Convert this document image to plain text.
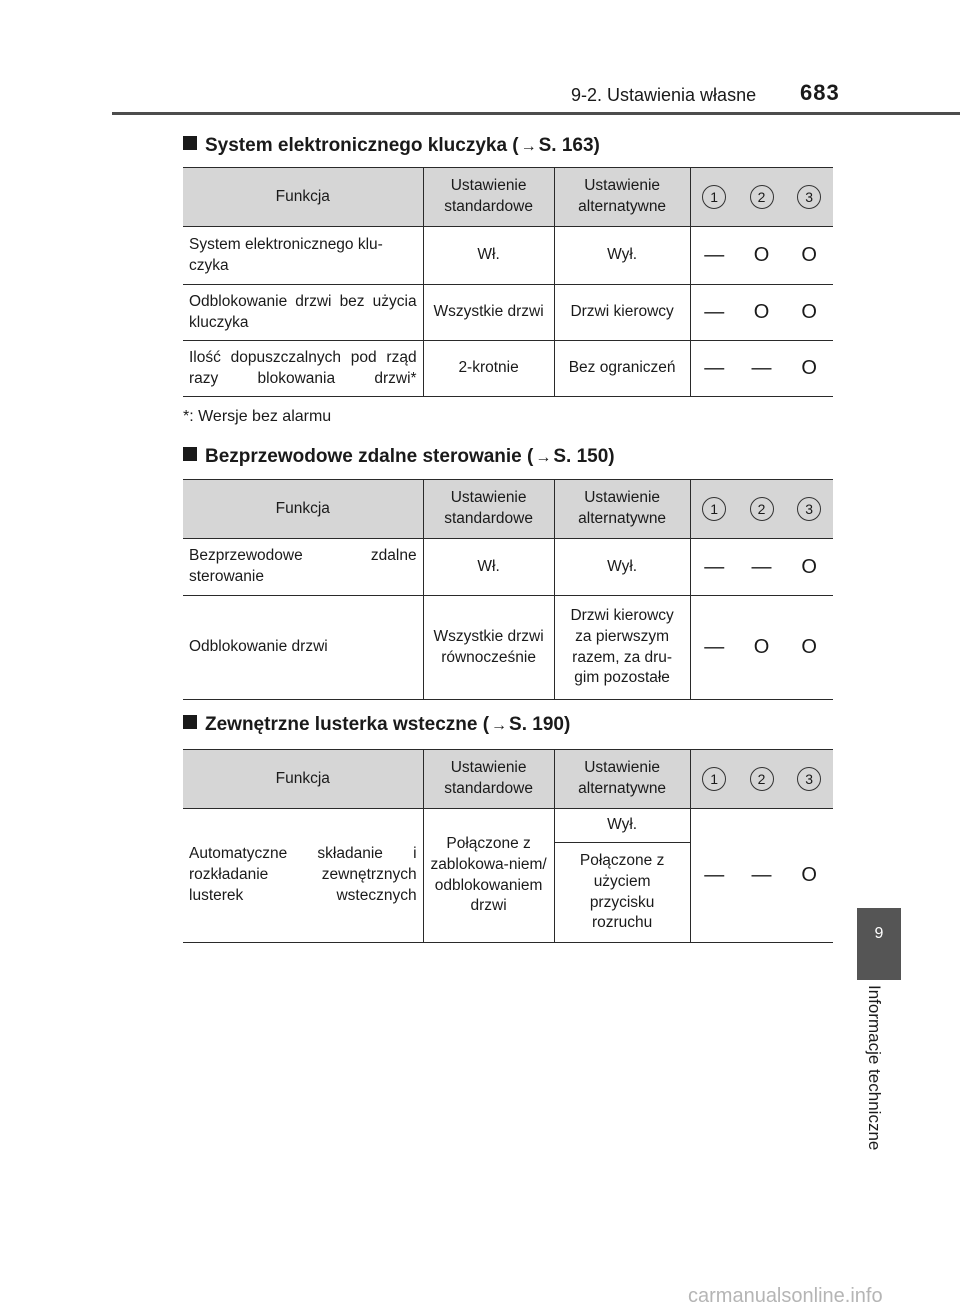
9-2. Ustawienia własne 683
System elektronicznego kluczyka ( → S. 163)
Funkcja	Ustawienie standardowe	Ustawienie alternatywne	1	2	3
System elektronicznego klu-czyka	Wł.	Wył.	—	O	O
Odblokowanie drzwi bez użycia kluczyka	Wszystkie drzwi	Drzwi kierowcy	—	O	O
Ilość dopuszczalnych pod rząd razy blokowania drzwi*	2-krotnie	Bez ograniczeń	—	—	O
*: Wersje bez alarmu
Bezprzewodowe zdalne sterowanie ( → S. 150)
Funkcja	Ustawienie standardowe	Ustawienie alternatywne	1	2	3
Bezprzewodowe zdalne sterowanie	Wł.	Wył.	—	—	O
Odblokowanie drzwi	Wszystkie drzwi równocześnie	Drzwi kierowcy za pierwszym razem, za dru-gim pozostałe	—	O	O
Zewnętrzne lusterka wsteczne ( → S. 190)
Funkcja	Ustawienie standardowe	Ustawienie alternatywne	1	2	3
Automatyczne składanie i rozkładanie zewnętrznych lusterek wstecznych	Połączone z zablokowa-niem/ odblokowaniem drzwi	Wył.	—	—	O
		Połączone z użyciem przycisku rozruchu			
9
Informacje techniczne
carmanualsonline.info
